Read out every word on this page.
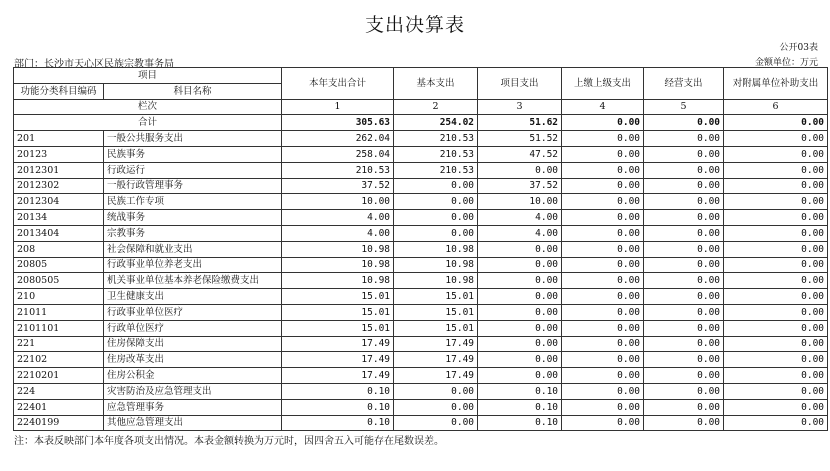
支出决算表
公开03表
部门：长沙市天心区民族宗教事务局	金额单位：万元
项目		本年支出合计	基本支出	项目支出	上缴上级支出	经营支出	对附属单位补助支出
功能分类科目编码	科目名称						
栏次		1	2	3	4	5	6
合计		305.63	254.02	51.62	0.00	0.00	0.00
201	一般公共服务支出	262.04	210.53	51.52	0.00	0.00	0.00
20123	民族事务	258.04	210.53	47.52	0.00	0.00	0.00
2012301	行政运行	210.53	210.53	0.00	0.00	0.00	0.00
2012302	一般行政管理事务	37.52	0.00	37.52	0.00	0.00	0.00
2012304	民族工作专项	10.00	0.00	10.00	0.00	0.00	0.00
20134	统战事务	4.00	0.00	4.00	0.00	0.00	0.00
2013404	宗教事务	4.00	0.00	4.00	0.00	0.00	0.00
208	社会保障和就业支出	10.98	10.98	0.00	0.00	0.00	0.00
20805	行政事业单位养老支出	10.98	10.98	0.00	0.00	0.00	0.00
2080505	机关事业单位基本养老保险缴费支出	10.98	10.98	0.00	0.00	0.00	0.00
210	卫生健康支出	15.01	15.01	0.00	0.00	0.00	0.00
21011	行政事业单位医疗	15.01	15.01	0.00	0.00	0.00	0.00
2101101	行政单位医疗	15.01	15.01	0.00	0.00	0.00	0.00
221	住房保障支出	17.49	17.49	0.00	0.00	0.00	0.00
22102	住房改革支出	17.49	17.49	0.00	0.00	0.00	0.00
2210201	住房公积金	17.49	17.49	0.00	0.00	0.00	0.00
224	灾害防治及应急管理支出	0.10	0.00	0.10	0.00	0.00	0.00
22401	应急管理事务	0.10	0.00	0.10	0.00	0.00	0.00
2240199	其他应急管理支出	0.10	0.00	0.10	0.00	0.00	0.00
注：本表反映部门本年度各项支出情况。本表金额转换为万元时，因四舍五入可能存在尾数误差。
